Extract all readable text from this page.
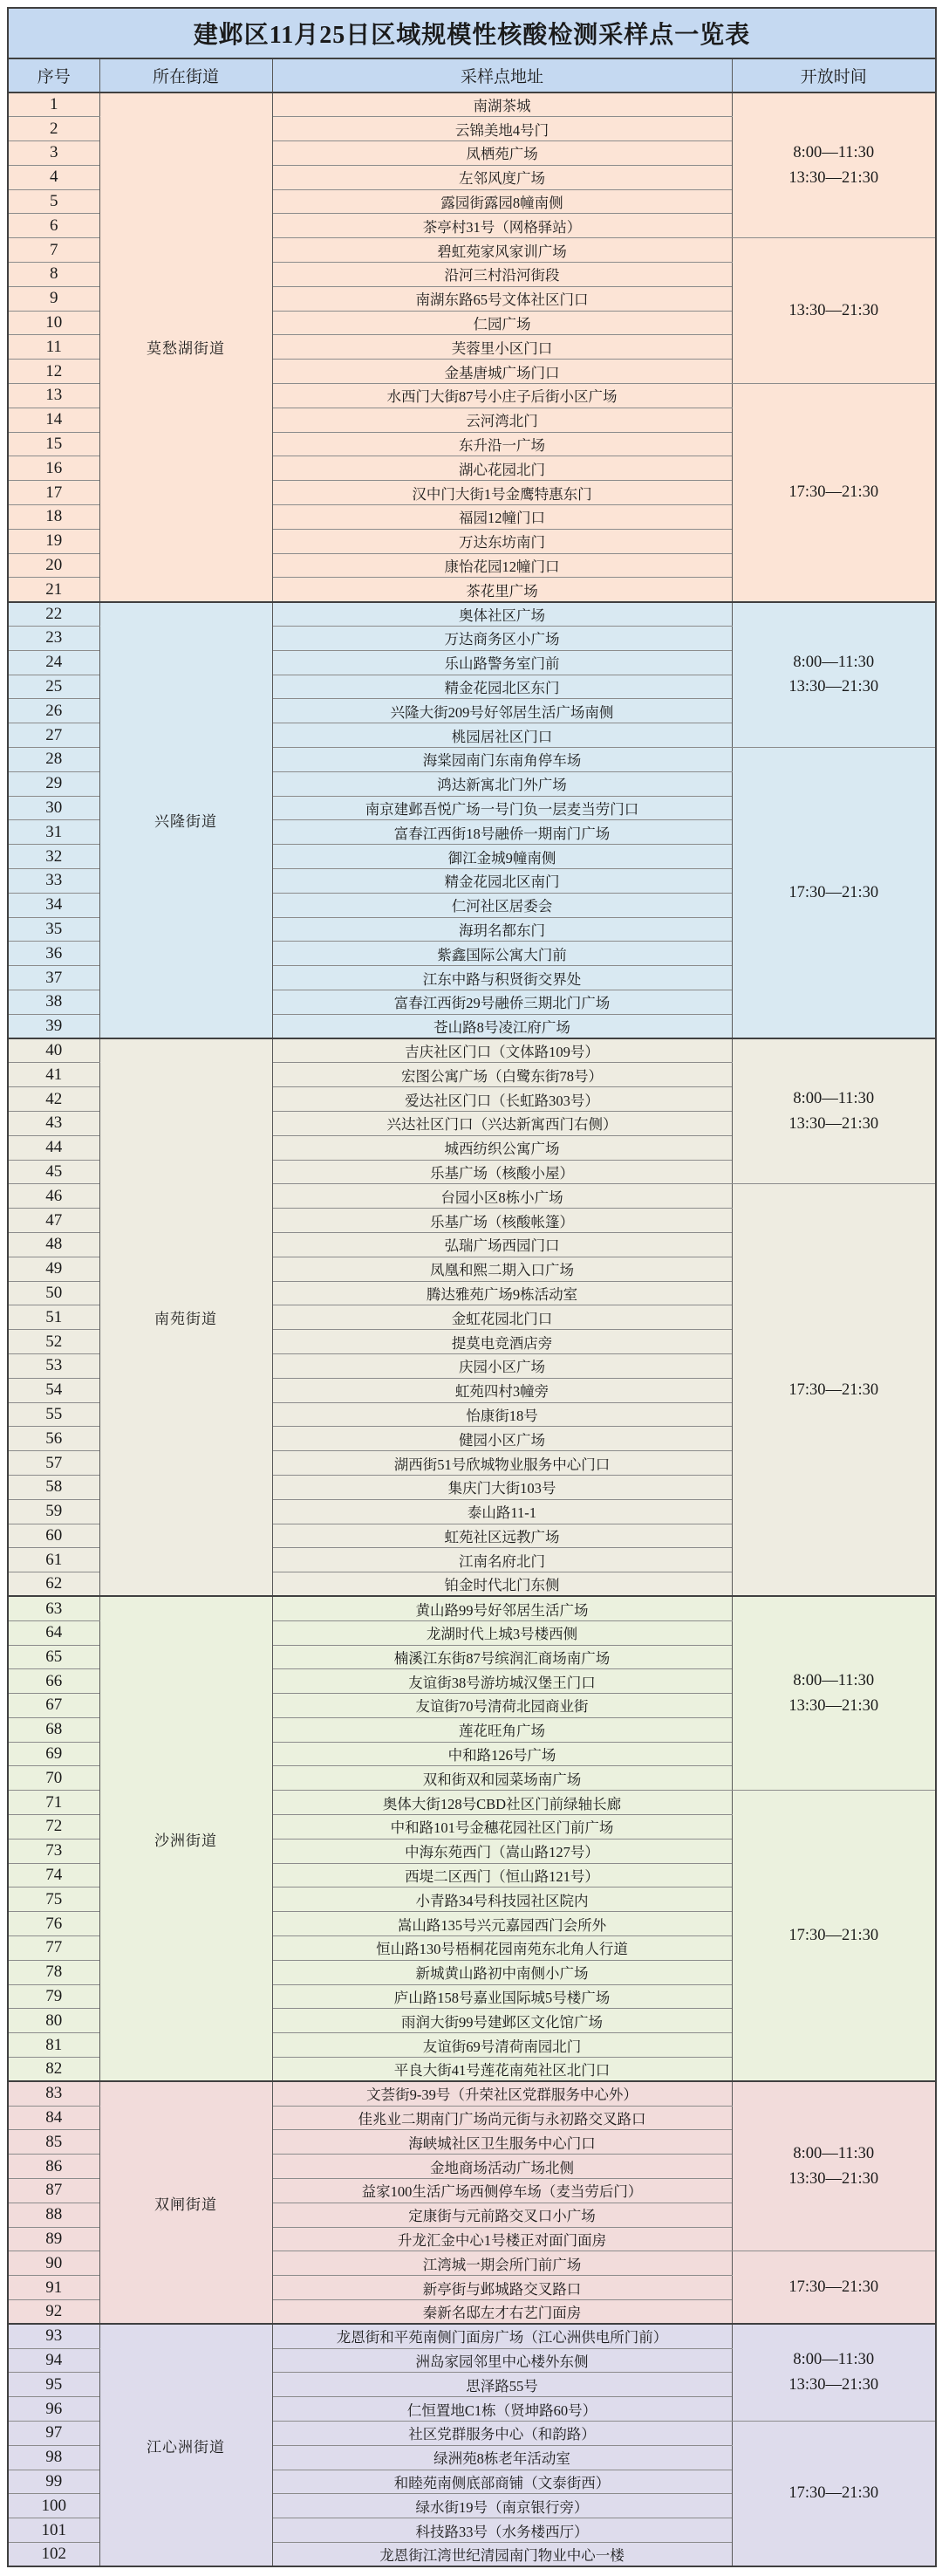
建邺区11月25日区域规模性核酸检测采样点一览表			
序号	所在街道	采样点地址	开放时间
1	莫愁湖街道	南湖茶城	8:00—11:30
13:30—21:30

2		云锦美地4号门	
3		凤栖苑广场	
4		左邻风度广场	
5		露园街露园8幢南侧	
6		茶亭村31号（网格驿站）	
7		碧虹苑家风家训广场	13:30—21:30

8		沿河三村沿河街段	
9		南湖东路65号文体社区门口	
10		仁园广场	
11		芙蓉里小区门口	
12		金基唐城广场门口	
13		水西门大街87号小庄子后街小区广场	17:30—21:30

14		云河湾北门	
15		东升沿一广场	
16		湖心花园北门	
17		汉中门大街1号金鹰特惠东门	
18		福园12幢门口	
19		万达东坊南门	
20		康怡花园12幢门口	
21		茶花里广场	
22	兴隆街道	奥体社区广场	8:00—11:30
13:30—21:30

23		万达商务区小广场	
24		乐山路警务室门前	
25		精金花园北区东门	
26		兴隆大街209号好邻居生活广场南侧	
27		桃园居社区门口	
28		海棠园南门东南角停车场	17:30—21:30

29		鸿达新寓北门外广场	
30		南京建邺吾悦广场一号门负一层麦当劳门口	
31		富春江西街18号融侨一期南门广场	
32		御江金城9幢南侧	
33		精金花园北区南门	
34		仁河社区居委会	
35		海玥名都东门	
36		紫鑫国际公寓大门前	
37		江东中路与积贤街交界处	
38		富春江西街29号融侨三期北门广场	
39		苍山路8号凌江府广场	
40	南苑街道	吉庆社区门口（文体路109号）	8:00—11:30
13:30—21:30

41		宏图公寓广场（白鹭东街78号）	
42		爱达社区门口（长虹路303号）	
43		兴达社区门口（兴达新寓西门右侧）	
44		城西纺织公寓广场	
45		乐基广场（核酸小屋）	
46		台园小区8栋小广场	17:30—21:30

47		乐基广场（核酸帐篷）	
48		弘瑞广场西园门口	
49		凤凰和熙二期入口广场	
50		腾达雅苑广场9栋活动室	
51		金虹花园北门口	
52		提莫电竞酒店旁	
53		庆园小区广场	
54		虹苑四村3幢旁	
55		怡康街18号	
56		健园小区广场	
57		湖西街51号欣城物业服务中心门口	
58		集庆门大街103号	
59		泰山路11-1	
60		虹苑社区远教广场	
61		江南名府北门	
62		铂金时代北门东侧	
63	沙洲街道	黄山路99号好邻居生活广场	8:00—11:30
13:30—21:30

64		龙湖时代上城3号楼西侧	
65		楠溪江东街87号缤润汇商场南广场	
66		友谊街38号游坊城汉堡王门口	
67		友谊街70号清荷北园商业街	
68		莲花旺角广场	
69		中和路126号广场	
70		双和街双和园菜场南广场	
71		奥体大街128号CBD社区门前绿轴长廊	17:30—21:30

72		中和路101号金穗花园社区门前广场	
73		中海东苑西门（嵩山路127号）	
74		西堤二区西门（恒山路121号）	
75		小青路34号科技园社区院内	
76		嵩山路135号兴元嘉园西门会所外	
77		恒山路130号梧桐花园南苑东北角人行道	
78		新城黄山路初中南侧小广场	
79		庐山路158号嘉业国际城5号楼广场	
80		雨润大街99号建邺区文化馆广场	
81		友谊街69号清荷南园北门	
82		平良大街41号莲花南苑社区北门口	
83	双闸街道	文荟街9-39号（升荣社区党群服务中心外）	8:00—11:30
13:30—21:30

84		佳兆业二期南门广场尚元街与永初路交叉路口	
85		海峡城社区卫生服务中心门口	
86		金地商场活动广场北侧	
87		益家100生活广场西侧停车场（麦当劳后门）	
88		定康街与元前路交叉口小广场	
89		升龙汇金中心1号楼正对面门面房	
90		江湾城一期会所门前广场	17:30—21:30

91		新亭街与邺城路交叉路口	
92		秦新名邸左才右艺门面房	
93	江心洲街道	龙恩街和平苑南侧门面房广场（江心洲供电所门前）	8:00—11:30
13:30—21:30

94		洲岛家园邻里中心楼外东侧	
95		思泽路55号	
96		仁恒置地C1栋（贤坤路60号）	
97		社区党群服务中心（和韵路）	17:30—21:30

98		绿洲苑8栋老年活动室	
99		和睦苑南侧底部商铺（文泰街西）	
100		绿水街19号（南京银行旁）	
101		科技路33号（水务楼西厅）	
102		龙恩街江湾世纪清园南门物业中心一楼	
